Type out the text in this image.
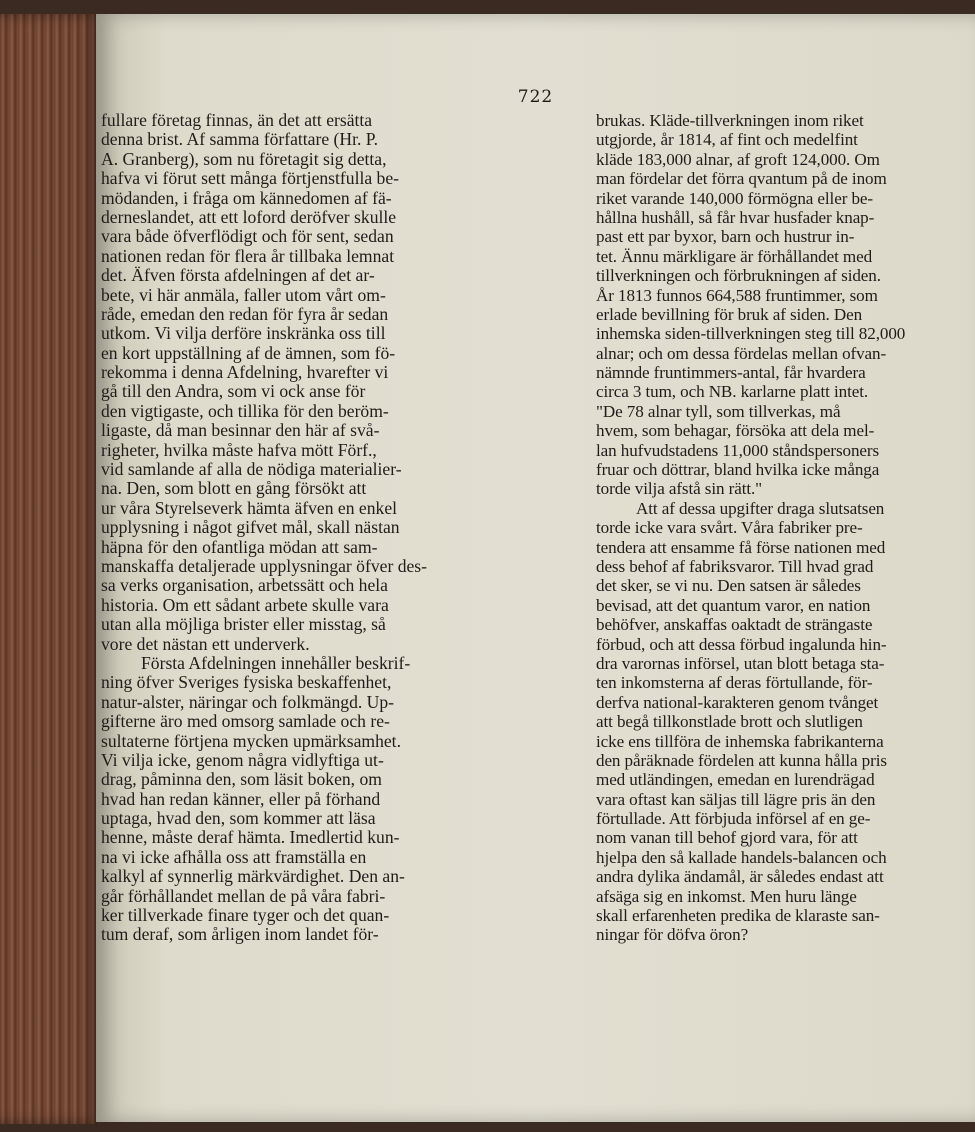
722
fullare företag finnas, än det att ersätta
denna brist. Af samma författare (Hr. P.
A. Granberg), som nu företagit sig detta,
hafva vi förut sett många förtjenstfulla be-
mödanden, i fråga om kännedomen af fä-
derneslandet, att ett loford deröfver skulle
vara både öfverflödigt och för sent, sedan
nationen redan för flera år tillbaka lemnat
det. Äfven första afdelningen af det ar-
bete, vi här anmäla, faller utom vårt om-
råde, emedan den redan för fyra år sedan
utkom. Vi vilja derföre inskränka oss till
en kort uppställning af de ämnen, som fö-
rekomma i denna Afdelning, hvarefter vi
gå till den Andra, som vi ock anse för
den vigtigaste, och tillika för den beröm-
ligaste, då man besinnar den här af svå-
righeter, hvilka måste hafva mött Förf.,
vid samlande af alla de nödiga materialier-
na. Den, som blott en gång försökt att
ur våra Styrelseverk hämta äfven en enkel
upplysning i något gifvet mål, skall nästan
häpna för den ofantliga mödan att sam-
manskaffa detaljerade upplysningar öfver des-
sa verks organisation, arbetssätt och hela
historia. Om ett sådant arbete skulle vara
utan alla möjliga brister eller misstag, så
vore det nästan ett underverk.
Första Afdelningen innehåller beskrif-
ning öfver Sveriges fysiska beskaffenhet,
natur-alster, näringar och folkmängd. Up-
gifterne äro med omsorg samlade och re-
sultaterne förtjena mycken upmärksamhet.
Vi vilja icke, genom några vidlyftiga ut-
drag, påminna den, som läsit boken, om
hvad han redan känner, eller på förhand
uptaga, hvad den, som kommer att läsa
henne, måste deraf hämta. Imedlertid kun-
na vi icke afhålla oss att framställa en
kalkyl af synnerlig märkvärdighet. Den an-
går förhållandet mellan de på våra fabri-
ker tillverkade finare tyger och det quan-
tum deraf, som årligen inom landet för-
brukas. Kläde-tillverkningen inom riket
utgjorde, år 1814, af fint och medelfint
kläde 183,000 alnar, af groft 124,000. Om
man fördelar det förra qvantum på de inom
riket varande 140,000 förmögna eller be-
hållna hushåll, så får hvar husfader knap-
past ett par byxor, barn och hustrur in-
tet. Ännu märkligare är förhållandet med
tillverkningen och förbrukningen af siden.
År 1813 funnos 664,588 fruntimmer, som
erlade bevillning för bruk af siden. Den
inhemska siden-tillverkningen steg till 82,000
alnar; och om dessa fördelas mellan ofvan-
nämnde fruntimmers-antal, får hvardera
circa 3 tum, och NB. karlarne platt intet.
"De 78 alnar tyll, som tillverkas, må
hvem, som behagar, försöka att dela mel-
lan hufvudstadens 11,000 ståndspersoners
fruar och döttrar, bland hvilka icke många
torde vilja afstå sin rätt."
Att af dessa upgifter draga slutsatsen
torde icke vara svårt. Våra fabriker pre-
tendera att ensamme få förse nationen med
dess behof af fabriksvaror. Till hvad grad
det sker, se vi nu. Den satsen är således
bevisad, att det quantum varor, en nation
behöfver, anskaffas oaktadt de strängaste
förbud, och att dessa förbud ingalunda hin-
dra varornas införsel, utan blott betaga sta-
ten inkomsterna af deras förtullande, för-
derfva national-karakteren genom tvånget
att begå tillkonstlade brott och slutligen
icke ens tillföra de inhemska fabrikanterna
den påräknade fördelen att kunna hålla pris
med utländingen, emedan en lurendrägad
vara oftast kan säljas till lägre pris än den
förtullade. Att förbjuda införsel af en ge-
nom vanan till behof gjord vara, för att
hjelpa den så kallade handels-balancen och
andra dylika ändamål, är således endast att
afsäga sig en inkomst. Men huru länge
skall erfarenheten predika de klaraste san-
ningar för döfva öron?
